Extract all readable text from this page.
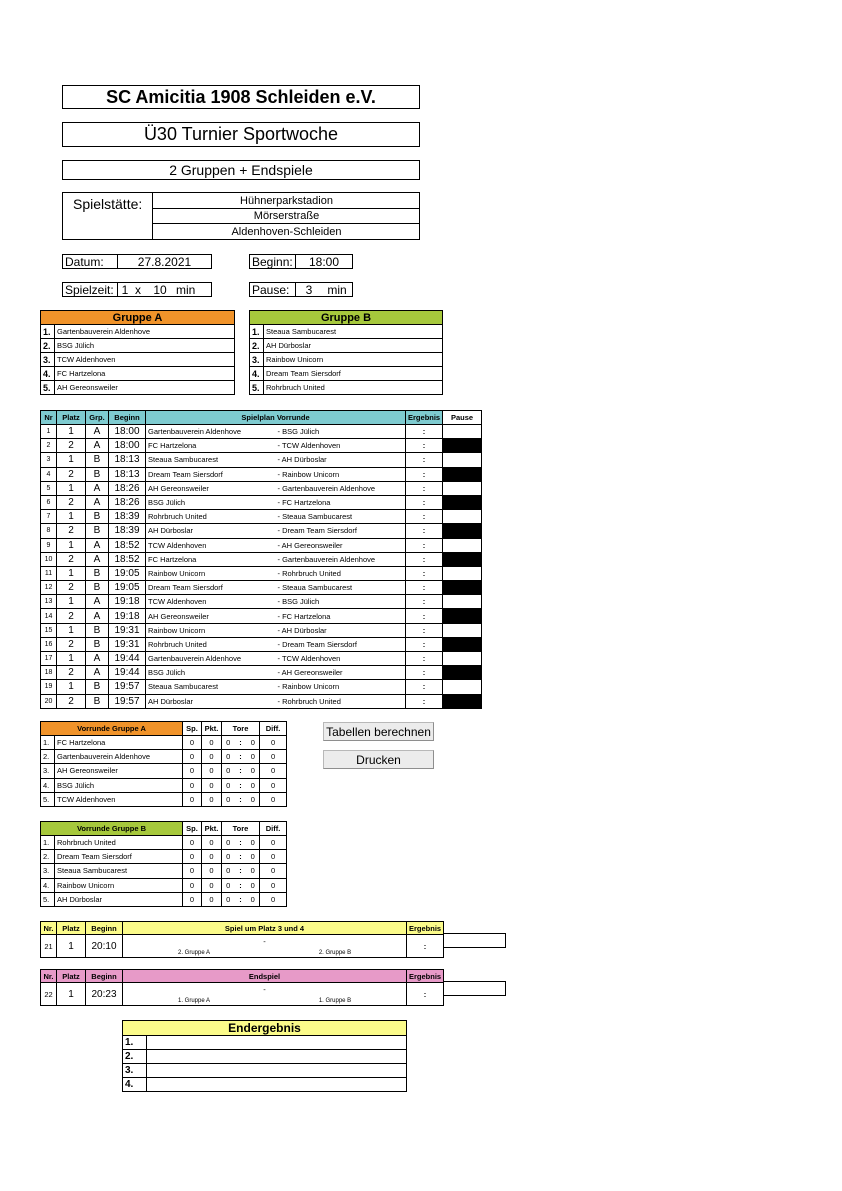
SC Amicitia 1908 Schleiden e.V.
Ü30 Turnier Sportwoche
2 Gruppen + Endspiele
Spielstätte:	Hühnerparkstadion
Mörserstraße
Aldenhoven-Schleiden
Datum:	27.8.2021	Beginn:	18:00
Spielzeit: 1 x	10 min	Pause:	3	min
Gruppe A	
1.	Gartenbauverein Aldenhove
2.	BSG Jülich
3.	TCW Aldenhoven
4.	FC Hartzelona
5.	AH Gereonsweiler
Gruppe B	
1.	Steaua Sambucarest
2.	AH Dürboslar
3.	Rainbow Unicorn
4.	Dream Team Siersdorf
5.	Rohrbruch United
Nr	Platz	Grp.	Beginn	Spielplan Vorrunde		Ergebnis	Pause
1	1	A	18:00	Gartenbauverein Aldenhove	- BSG Jülich	:	
2	2	A	18:00	FC Hartzelona	- TCW Aldenhoven	:	
3	1	B	18:13	Steaua Sambucarest	- AH Dürboslar	:	
4	2	B	18:13	Dream Team Siersdorf	- Rainbow Unicorn	:	
5	1	A	18:26	AH Gereonsweiler	- Gartenbauverein Aldenhove	:	
6	2	A	18:26	BSG Jülich	- FC Hartzelona	:	
7	1	B	18:39	Rohrbruch United	- Steaua Sambucarest	:	
8	2	B	18:39	AH Dürboslar	- Dream Team Siersdorf	:	
9	1	A	18:52	TCW Aldenhoven	- AH Gereonsweiler	:	
10	2	A	18:52	FC Hartzelona	- Gartenbauverein Aldenhove	:	
11	1	B	19:05	Rainbow Unicorn	- Rohrbruch United	:	
12	2	B	19:05	Dream Team Siersdorf	- Steaua Sambucarest	:	
13	1	A	19:18	TCW Aldenhoven	- BSG Jülich	:	
14	2	A	19:18	AH Gereonsweiler	- FC Hartzelona	:	
15	1	B	19:31	Rainbow Unicorn	- AH Dürboslar	:	
16	2	B	19:31	Rohrbruch United	- Dream Team Siersdorf	:	
17	1	A	19:44	Gartenbauverein Aldenhove	- TCW Aldenhoven	:	
18	2	A	19:44	BSG Jülich	- AH Gereonsweiler	:	
19	1	B	19:57	Steaua Sambucarest	- Rainbow Unicorn	:	
20	2	B	19:57	AH Dürboslar	- Rohrbruch United	:	
Vorrunde Gruppe A		Sp.	Pkt.	Tore			Diff.
1.	FC Hartzelona	0	0	0	:	0	0
2.	Gartenbauverein Aldenhove	0	0	0	:	0	0
3.	AH Gereonsweiler	0	0	0	:	0	0
4.	BSG Jülich	0	0	0	:	0	0
5.	TCW Aldenhoven	0	0	0	:	0	0
Vorrunde Gruppe B		Sp.	Pkt.	Tore			Diff.
1.	Rohrbruch United	0	0	0	:	0	0
2.	Dream Team Siersdorf	0	0	0	:	0	0
3.	Steaua Sambucarest	0	0	0	:	0	0
4.	Rainbow Unicorn	0	0	0	:	0	0
5.	AH Dürboslar	0	0	0	:	0	0
Tabellen berechnen
Drucken
Nr.	Platz	Beginn	Spiel um Platz 3 und 4	Ergebnis
21	1	20:10	-	:
			2. Gruppe A 2. Gruppe B	
Nr.	Platz	Beginn	Endspiel	Ergebnis
22	1	20:23	-	:
			1. Gruppe A 1. Gruppe B	
Endergebnis	
1.	
2.	
3.	
4.	
